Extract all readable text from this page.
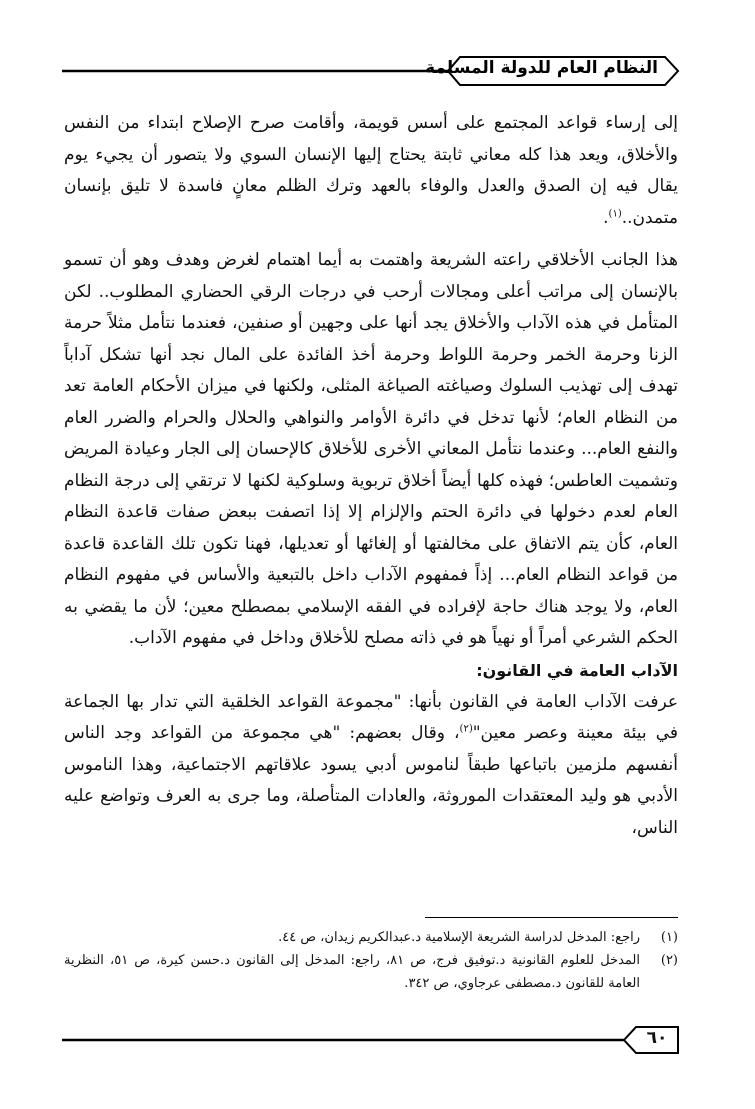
النظام العام للدولة المسلمة

إلى إرساء قواعد المجتمع على أسس قويمة، وأقامت صرح الإصلاح ابتداء من النفس والأخلاق، ويعد هذا كله معاني ثابتة يحتاج إليها الإنسان السوي ولا يتصور أن يجيء يوم يقال فيه إن الصدق والعدل والوفاء بالعهد وترك الظلم معانٍ فاسدة لا تليق بإنسان متمدن..$^{(١)}$.

هذا الجانب الأخلاقي راعته الشريعة واهتمت به أيما اهتمام لغرض وهدف وهو أن تسمو بالإنسان إلى مراتب أعلى ومجالات أرحب في درجات الرقي الحضاري المطلوب.. لكن المتأمل في هذه الآداب والأخلاق يجد أنها على وجهين أو صنفين، فعندما نتأمل مثلاً حرمة الزنا وحرمة الخمر وحرمة اللواط وحرمة أخذ الفائدة على المال نجد أنها تشكل آداباً تهدف إلى تهذيب السلوك وصياغته الصياغة المثلى، ولكنها في ميزان الأحكام العامة تعد من النظام العام؛ لأنها تدخل في دائرة الأوامر والنواهي والحلال والحرام والضرر العام والنفع العام... وعندما نتأمل المعاني الأخرى للأخلاق كالإحسان إلى الجار وعيادة المريض وتشميت العاطس؛ فهذه كلها أيضاً أخلاق تربوية وسلوكية لكنها لا ترتقي إلى درجة النظام العام لعدم دخولها في دائرة الحتم والإلزام إلا إذا اتصفت ببعض صفات قاعدة النظام العام، كأن يتم الاتفاق على مخالفتها أو إلغائها أو تعديلها، فهنا تكون تلك القاعدة قاعدة من قواعد النظام العام... إذاً فمفهوم الآداب داخل بالتبعية والأساس في مفهوم النظام العام، ولا يوجد هناك حاجة لإفراده في الفقه الإسلامي بمصطلح معين؛ لأن ما يقضي به الحكم الشرعي أمراً أو نهياً هو في ذاته مصلح للأخلاق وداخل في مفهوم الآداب.

الآداب العامة في القانون:

عرفت الآداب العامة في القانون بأنها: "مجموعة القواعد الخلقية التي تدار بها الجماعة في بيئة معينة وعصر معين"$^{(٢)}$، وقال بعضهم: "هي مجموعة من القواعد وجد الناس أنفسهم ملزمين باتباعها طبقاً لناموس أدبي يسود علاقاتهم الاجتماعية، وهذا الناموس الأدبي هو وليد المعتقدات الموروثة، والعادات المتأصلة، وما جرى به العرف وتواضع عليه الناس،

(١)
راجع: المدخل لدراسة الشريعة الإسلامية د.عبدالكريم زيدان، ص ٤٤.

(٢)
المدخل للعلوم القانونية د.توفيق فرج، ص ٨١، راجع: المدخل إلى القانون د.حسن كيرة، ص ٥١، النظرية العامة للقانون د.مصطفى عرجاوي، ص ٣٤٢.

٦٠
